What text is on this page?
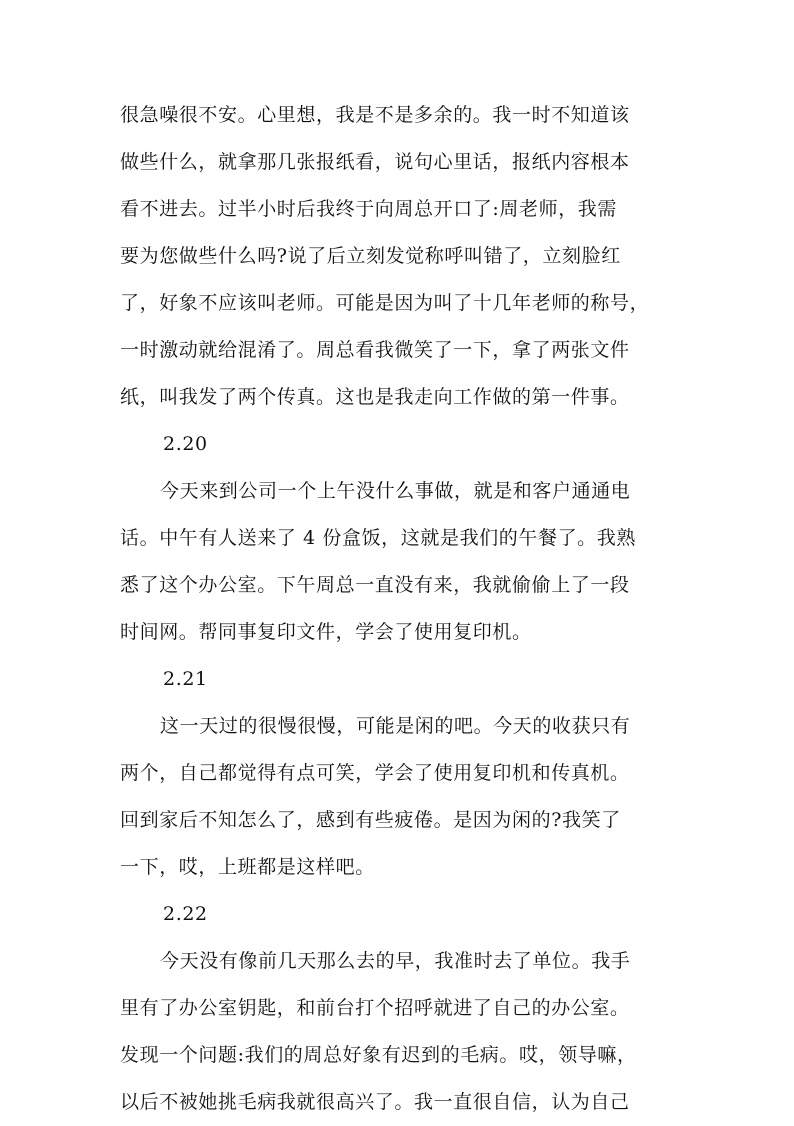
很急噪很不安。心里想，我是不是多余的。我一时不知道该
做些什么，就拿那几张报纸看，说句心里话，报纸内容根本
看不进去。过半小时后我终于向周总开口了:周老师，我需
要为您做些什么吗?说了后立刻发觉称呼叫错了，立刻脸红
了，好象不应该叫老师。可能是因为叫了十几年老师的称号，
一时激动就给混淆了。周总看我微笑了一下，拿了两张文件
纸，叫我发了两个传真。这也是我走向工作做的第一件事。
2.20
今天来到公司一个上午没什么事做，就是和客户通通电
话。中午有人送来了 4 份盒饭，这就是我们的午餐了。我熟
悉了这个办公室。下午周总一直没有来，我就偷偷上了一段
时间网。帮同事复印文件，学会了使用复印机。
2.21
这一天过的很慢很慢，可能是闲的吧。今天的收获只有
两个，自己都觉得有点可笑，学会了使用复印机和传真机。
回到家后不知怎么了，感到有些疲倦。是因为闲的?我笑了
一下，哎，上班都是这样吧。
2.22
今天没有像前几天那么去的早，我准时去了单位。我手
里有了办公室钥匙，和前台打个招呼就进了自己的办公室。
发现一个问题:我们的周总好象有迟到的毛病。哎，领导嘛，
以后不被她挑毛病我就很高兴了。我一直很自信，认为自己
